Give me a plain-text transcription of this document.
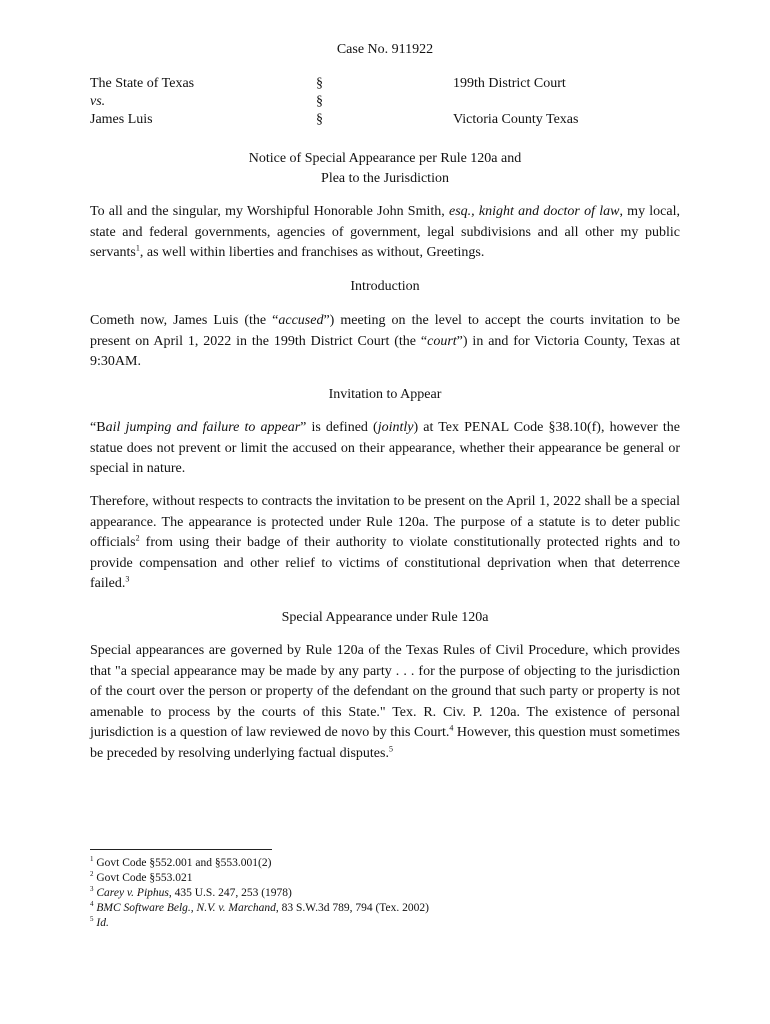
Case No. 911922
The State of Texas
vs.
James Luis
§
§
§
199th District Court
Victoria County Texas
Notice of Special Appearance per Rule 120a and
Plea to the Jurisdiction

To all and the singular, my Worshipful Honorable John Smith, esq., knight and doctor of law, my local, state and federal governments, agencies of government, legal subdivisions and all other my public servants$^1$, as well within liberties and franchises as without, Greetings.

Introduction

Cometh now, James Luis (the “accused”) meeting on the level to accept the courts invitation to be present on April 1, 2022 in the 199th District Court (the “court”) in and for Victoria County, Texas at 9:30AM.

Invitation to Appear

“Bail jumping and failure to appear” is defined (jointly) at Tex PENAL Code §38.10(f), however the statue does not prevent or limit the accused on their appearance, whether their appearance be general or special in nature.

Therefore, without respects to contracts the invitation to be present on the April 1, 2022 shall be a special appearance. The appearance is protected under Rule 120a. The purpose of a statute is to deter public officials$^2$ from using their badge of their authority to violate constitutionally protected rights and to provide compensation and other relief to victims of constitutional deprivation when that deterrence failed.$^3$

Special Appearance under Rule 120a

Special appearances are governed by Rule 120a of the Texas Rules of Civil Procedure, which provides that "a special appearance may be made by any party . . . for the purpose of objecting to the jurisdiction of the court over the person or property of the defendant on the ground that such party or property is not amenable to process by the courts of this State." Tex. R. Civ. P. 120a. The existence of personal jurisdiction is a question of law reviewed de novo by this Court.$^4$ However, this question must sometimes be preceded by resolving underlying factual disputes.$^5$

$^1$ Govt Code §552.001 and §553.001(2)
$^2$ Govt Code §553.021
$^3$ Carey v. Piphus, 435 U.S. 247, 253 (1978)
$^4$ BMC Software Belg., N.V. v. Marchand, 83 S.W.3d 789, 794 (Tex. 2002)
$^5$ Id.
